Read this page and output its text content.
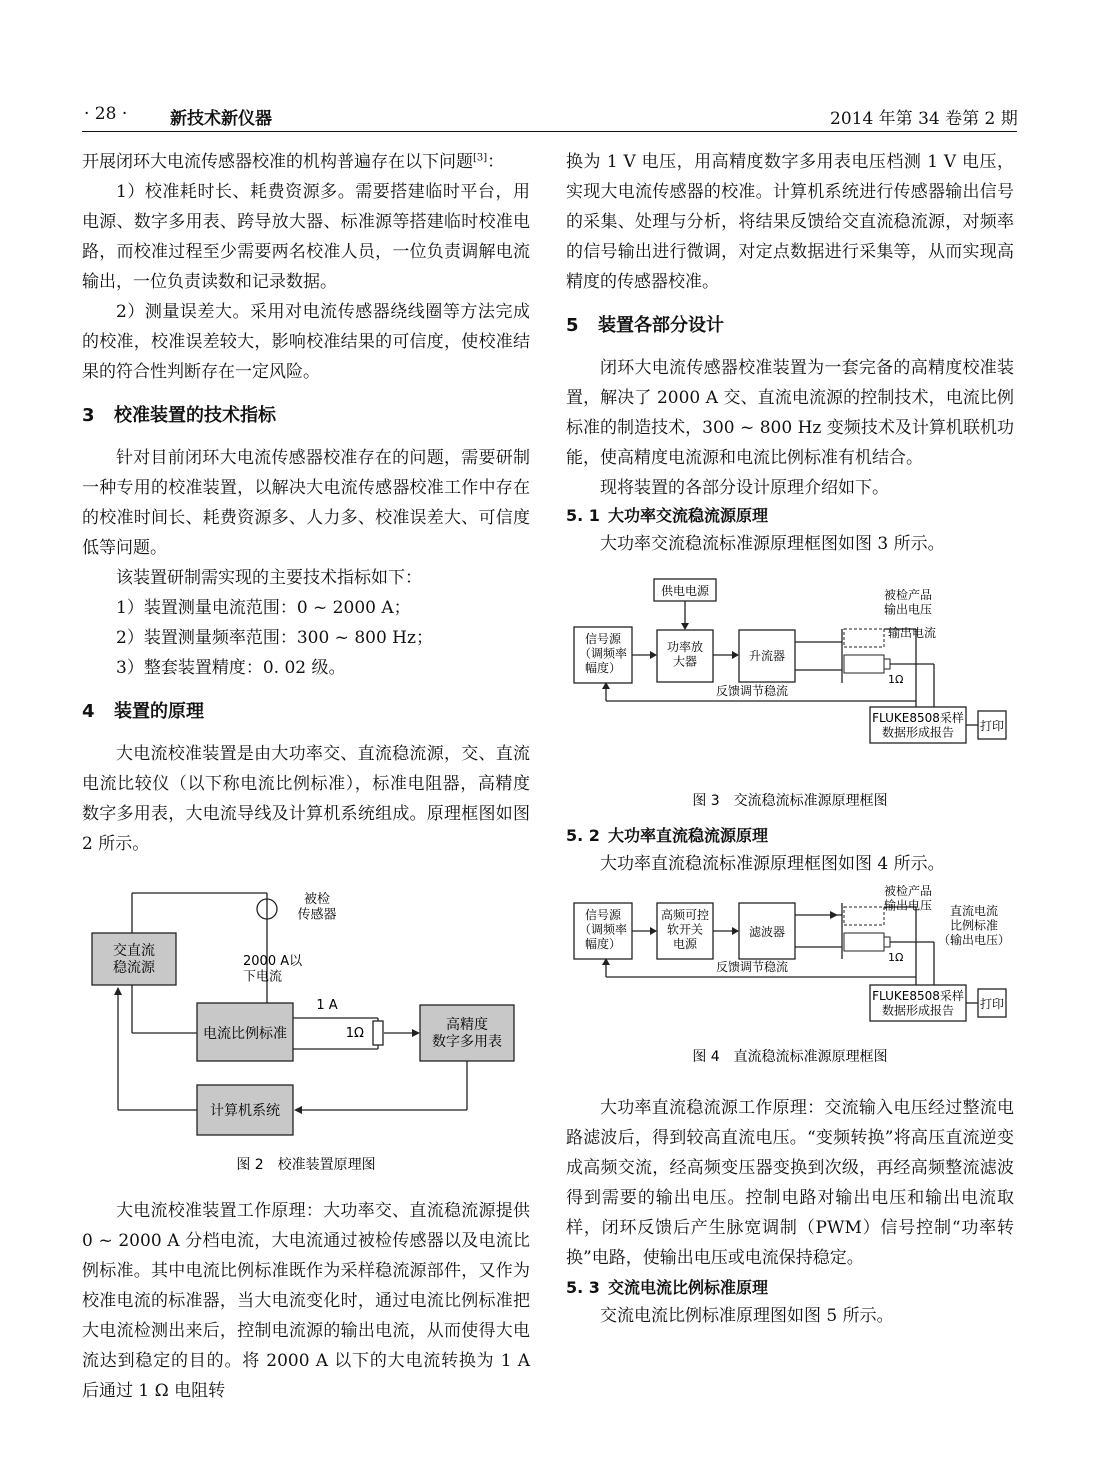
· 28 ·	新技术新仪器	2014 年第 34 卷第 2 期

开展闭环大电流传感器校准的机构普遍存在以下问题[3]：

1）校准耗时长、耗费资源多。需要搭建临时平台，用电源、数字多用表、跨导放大器、标准源等搭建临时校准电路，而校准过程至少需要两名校准人员，一位负责调解电流输出，一位负责读数和记录数据。

2）测量误差大。采用对电流传感器绕线圈等方法完成的校准，校准误差较大，影响校准结果的可信度，使校准结果的符合性判断存在一定风险。

3 校准装置的技术指标

针对目前闭环大电流传感器校准存在的问题，需要研制一种专用的校准装置，以解决大电流传感器校准工作中存在的校准时间长、耗费资源多、人力多、校准误差大、可信度低等问题。

该装置研制需实现的主要技术指标如下：

1）装置测量电流范围：0 ~ 2000 A；

2）装置测量频率范围：300 ~ 800 Hz；

3）整套装置精度：0. 02 级。

4 装置的原理

大电流校准装置是由大功率交、直流稳流源，交、直流电流比较仪（以下称电流比例标准），标准电阻器，高精度数字多用表，大电流导线及计算机系统组成。原理框图如图 2 所示。

被检传感器
交直流稳流源	2000 A以下电流
电流比例标准
1 A
1Ω
高精度数字多用表
计算机系统
图 2　校准装置原理图

大电流校准装置工作原理：大功率交、直流稳流源提供 0 ~ 2000 A 分档电流，大电流通过被检传感器以及电流比例标准。其中电流比例标准既作为采样稳流源部件，又作为校准电流的标准器，当大电流变化时，通过电流比例标准把大电流检测出来后，控制电流源的输出电流，从而使得大电流达到稳定的目的。将 2000 A 以下的大电流转换为 1 A 后通过 1 Ω 电阻转

换为 1 V 电压，用高精度数字多用表电压档测 1 V 电压，实现大电流传感器的校准。计算机系统进行传感器输出信号的采集、处理与分析，将结果反馈给交直流稳流源，对频率的信号输出进行微调，对定点数据进行采集等，从而实现高精度的传感器校准。

5 装置各部分设计

闭环大电流传感器校准装置为一套完备的高精度校准装置，解决了 2000 A 交、直流电流源的控制技术，电流比例标准的制造技术，300 ~ 800 Hz 变频技术及计算机联机功能，使高精度电流源和电流比例标准有机结合。

现将装置的各部分设计原理介绍如下。

5. 1 大功率交流稳流源原理

大功率交流稳流标准源原理框图如图 3 所示。

供电电源
信号源（调频率幅度）
功率放大器	升流器
1Ω
被检产品输出电压
输出电流
反馈调节稳流
FLUKE8508采样数据形成报告	打印
图 3　交流稳流标准源原理框图

5. 2 大功率直流稳流源原理

大功率直流稳流标准源原理框图如图 4 所示。

信号源（调频率幅度）
高频可控软开关电源
滤波器
1Ω
被检产品输出电压	直流电流比例标准（输出电压）
反馈调节稳流
FLUKE8508采样数据形成报告	打印
图 4　直流稳流标准源原理框图

大功率直流稳流源工作原理：交流输入电压经过整流电路滤波后，得到较高直流电压。“变频转换”将高压直流逆变成高频交流，经高频变压器变换到次级，再经高频整流滤波得到需要的输出电压。控制电路对输出电压和输出电流取样，闭环反馈后产生脉宽调制（PWM）信号控制“功率转换”电路，使输出电压或电流保持稳定。

5. 3 交流电流比例标准原理

交流电流比例标准原理图如图 5 所示。
